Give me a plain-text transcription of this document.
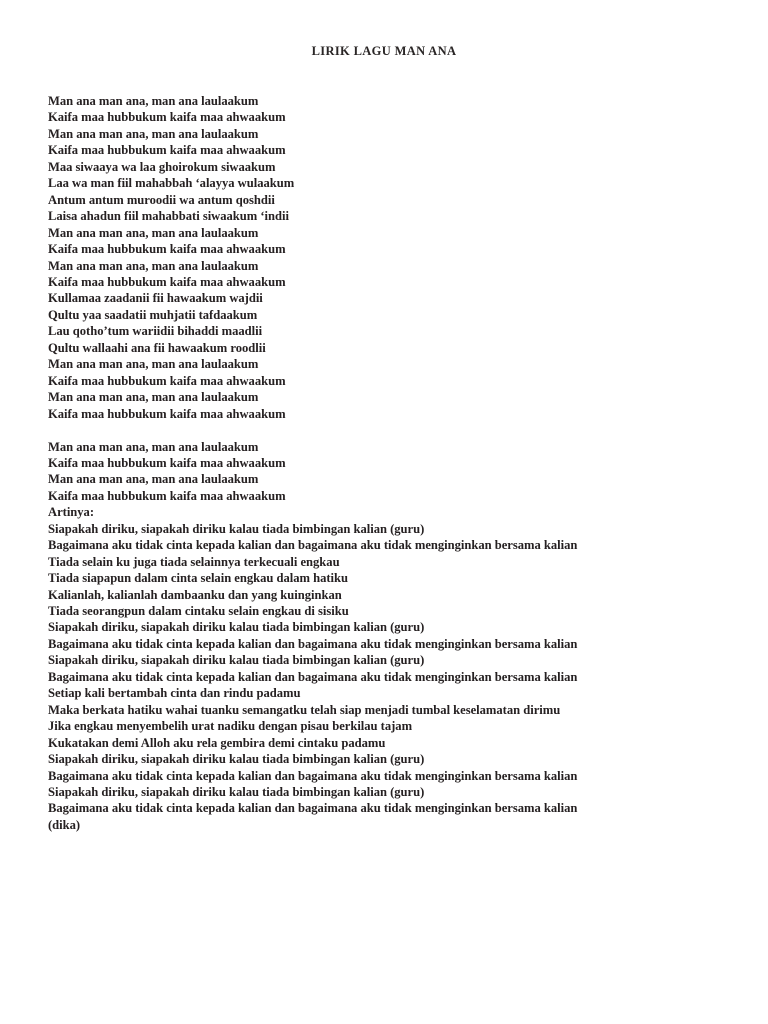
LIRIK LAGU MAN ANA
Man ana man ana, man ana laulaakum
Kaifa maa hubbukum kaifa maa ahwaakum
Man ana man ana, man ana laulaakum
Kaifa maa hubbukum kaifa maa ahwaakum
Maa siwaaya wa laa ghoirokum siwaakum
Laa wa man fiil mahabbah ‘alayya wulaakum
Antum antum muroodii wa antum qoshdii
Laisa ahadun fiil mahabbati siwaakum ‘indii
Man ana man ana, man ana laulaakum
Kaifa maa hubbukum kaifa maa ahwaakum
Man ana man ana, man ana laulaakum
Kaifa maa hubbukum kaifa maa ahwaakum
Kullamaa zaadanii fii hawaakum wajdii
Qultu yaa saadatii muhjatii tafdaakum
Lau qotho’tum wariidii bihaddi maadlii
Qultu wallaahi ana fii hawaakum roodlii
Man ana man ana, man ana laulaakum
Kaifa maa hubbukum kaifa maa ahwaakum
Man ana man ana, man ana laulaakum
Kaifa maa hubbukum kaifa maa ahwaakum
Man ana man ana, man ana laulaakum
Kaifa maa hubbukum kaifa maa ahwaakum
Man ana man ana, man ana laulaakum
Kaifa maa hubbukum kaifa maa ahwaakum
Artinya:
Siapakah diriku, siapakah diriku kalau tiada bimbingan kalian (guru)
Bagaimana aku tidak cinta kepada kalian dan bagaimana aku tidak menginginkan bersama kalian
Tiada selain ku juga tiada selainnya terkecuali engkau
Tiada siapapun dalam cinta selain engkau dalam hatiku
Kalianlah, kalianlah dambaanku dan yang kuinginkan
Tiada seorangpun dalam cintaku selain engkau di sisiku
Siapakah diriku, siapakah diriku kalau tiada bimbingan kalian (guru)
Bagaimana aku tidak cinta kepada kalian dan bagaimana aku tidak menginginkan bersama kalian
Siapakah diriku, siapakah diriku kalau tiada bimbingan kalian (guru)
Bagaimana aku tidak cinta kepada kalian dan bagaimana aku tidak menginginkan bersama kalian
Setiap kali bertambah cinta dan rindu padamu
Maka berkata hatiku wahai tuanku semangatku telah siap menjadi tumbal keselamatan dirimu
Jika engkau menyembelih urat nadiku dengan pisau berkilau tajam
Kukatakan demi Alloh aku rela gembira demi cintaku padamu
Siapakah diriku, siapakah diriku kalau tiada bimbingan kalian (guru)
Bagaimana aku tidak cinta kepada kalian dan bagaimana aku tidak menginginkan bersama kalian
Siapakah diriku, siapakah diriku kalau tiada bimbingan kalian (guru)
Bagaimana aku tidak cinta kepada kalian dan bagaimana aku tidak menginginkan bersama kalian
(dika)
